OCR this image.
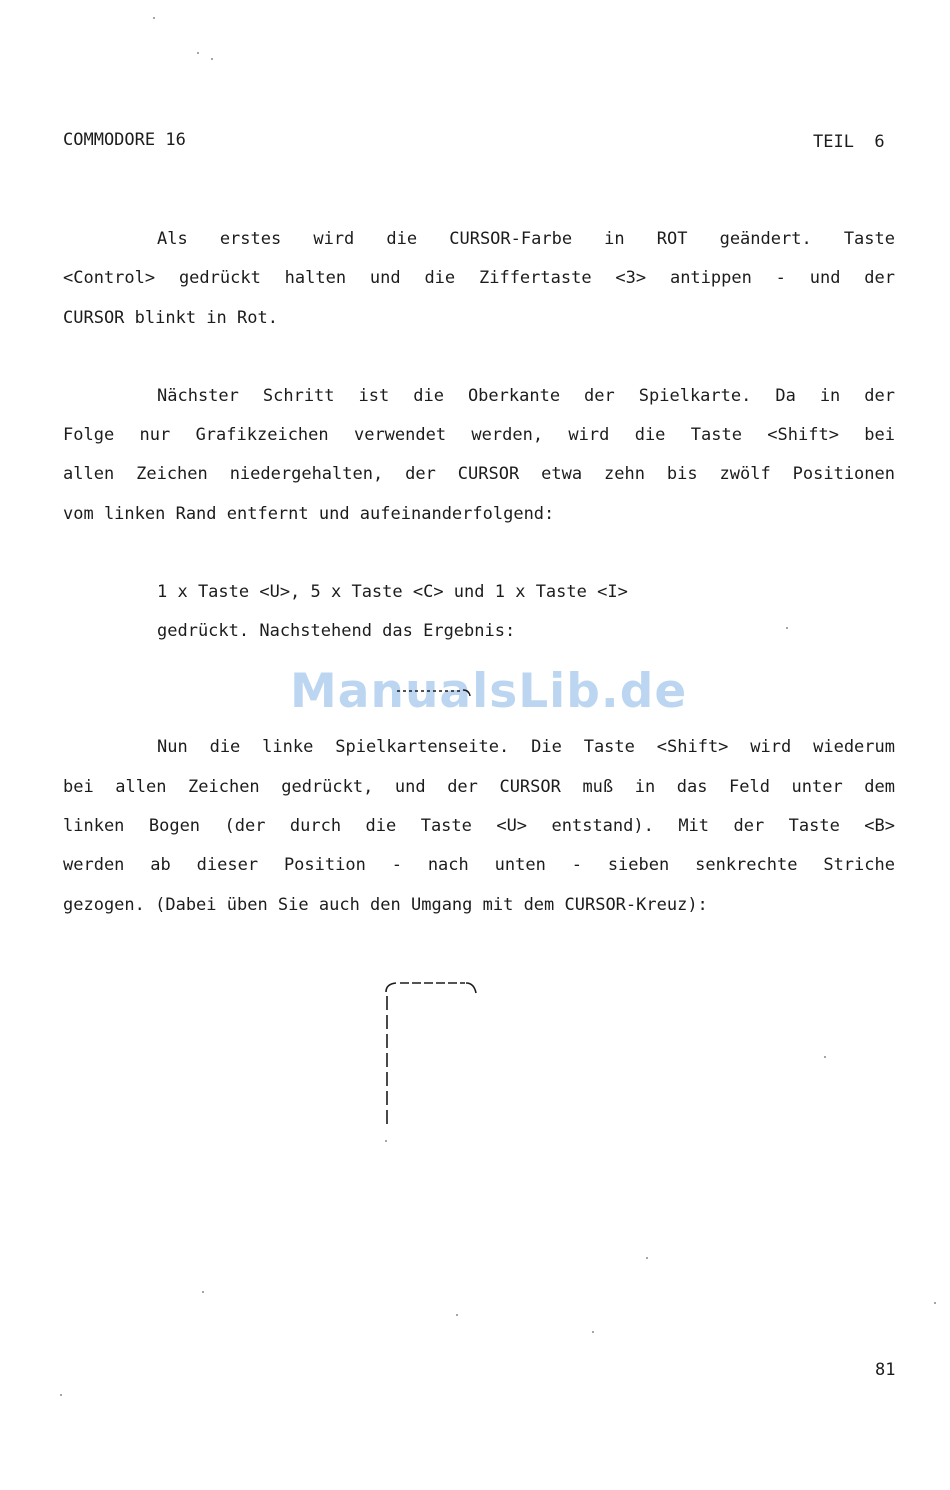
COMMODORE 16	TEIL  6
Als erstes wird die CURSOR-Farbe in ROT geändert. Taste
<Control> gedrückt halten und die Ziffertaste <3> antippen - und der
CURSOR blinkt in Rot.
Nächster Schritt ist die Oberkante der Spielkarte. Da in der
Folge nur Grafikzeichen verwendet werden, wird die Taste <Shift> bei
allen Zeichen niedergehalten, der CURSOR etwa zehn bis zwölf Positionen
vom linken Rand entfernt und aufeinanderfolgend:
1 x Taste <U>, 5 x Taste <C> und 1 x Taste <I>
gedrückt. Nachstehend das Ergebnis:
ManualsLib.de
Nun die linke Spielkartenseite. Die Taste <Shift> wird wiederum
bei allen Zeichen gedrückt, und der CURSOR muß in das Feld unter dem
linken Bogen (der durch die Taste <U> entstand). Mit der Taste <B>
werden ab dieser Position - nach unten - sieben senkrechte Striche
gezogen. (Dabei üben Sie auch den Umgang mit dem CURSOR-Kreuz):
81
